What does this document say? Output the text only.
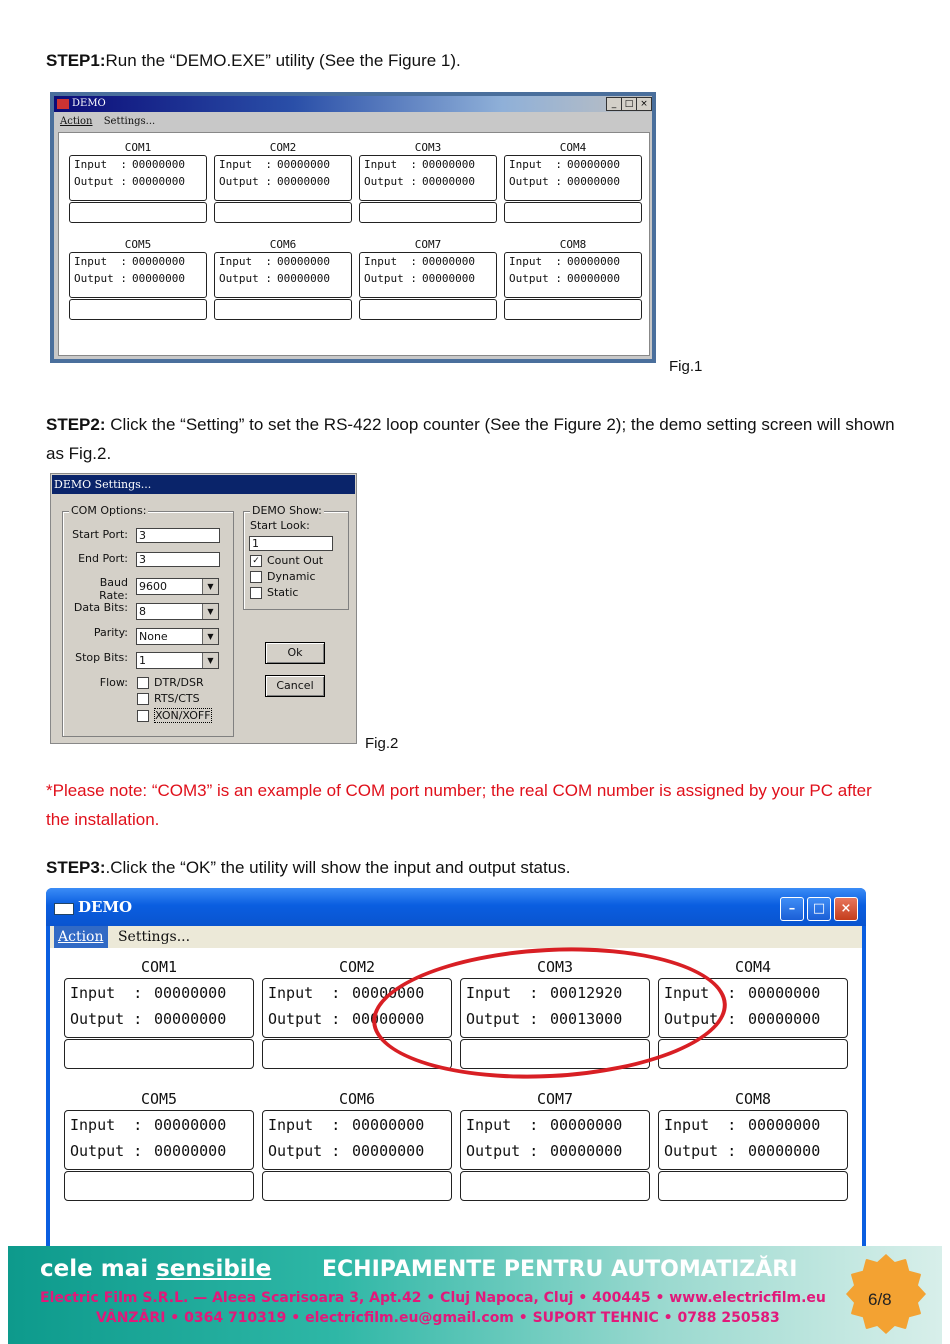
STEP1:Run the “DEMO.EXE” utility (See the Figure 1).
DEMO	_ □ ×
Action Settings...
COM1
Input  : 00000000
Output : 00000000
COM2
Input  : 00000000
Output : 00000000
COM3
Input  : 00000000
Output : 00000000
COM4
Input  : 00000000
Output : 00000000
COM5
Input  : 00000000
Output : 00000000
COM6
Input  : 00000000
Output : 00000000
COM7
Input  : 00000000
Output : 00000000
COM8
Input  : 00000000
Output : 00000000
Fig.1
STEP2: Click the “Setting” to set the RS-422 loop counter (See the Figure 2); the demo setting screen will shown as Fig.2.
DEMO Settings...
COM Options:
Start Port: 3
End Port: 3
Baud Rate:
9600	▼
Data Bits: 8	▼
Parity: None	▼
Stop Bits: 1	▼
Flow: DTR/DSR
RTS/CTS
XON/XOFF
DEMO Show:
Start Look:
1
✓ Count Out
Dynamic
Static
Ok
Cancel
Fig.2
*Please note: “COM3” is an example of COM port number; the real COM number is assigned by your PC after the installation.
STEP3:.Click the “OK” the utility will show the input and output status.
DEMO	–	□	×
Action Settings...
COM1
Input  : 00000000
Output : 00000000
COM2
Input  : 00000000
Output : 00000000
COM3
Input  : 00012920
Output : 00013000
COM4
Input  : 00000000
Output : 00000000
COM5
Input  : 00000000
Output : 00000000
COM6
Input  : 00000000
Output : 00000000
COM7
Input  : 00000000
Output : 00000000
COM8
Input  : 00000000
Output : 00000000
cele mai sensibile ECHIPAMENTE PENTRU AUTOMATIZĂRI
Electric Film S.R.L. — Aleea Scarisoara 3, Apt.42 • Cluj Napoca, Cluj • 400445 • www.electricfilm.eu
VÂNZĂRI • 0364 710319 • electricfilm.eu@gmail.com • SUPORT TEHNIC • 0788 250583
6/8
